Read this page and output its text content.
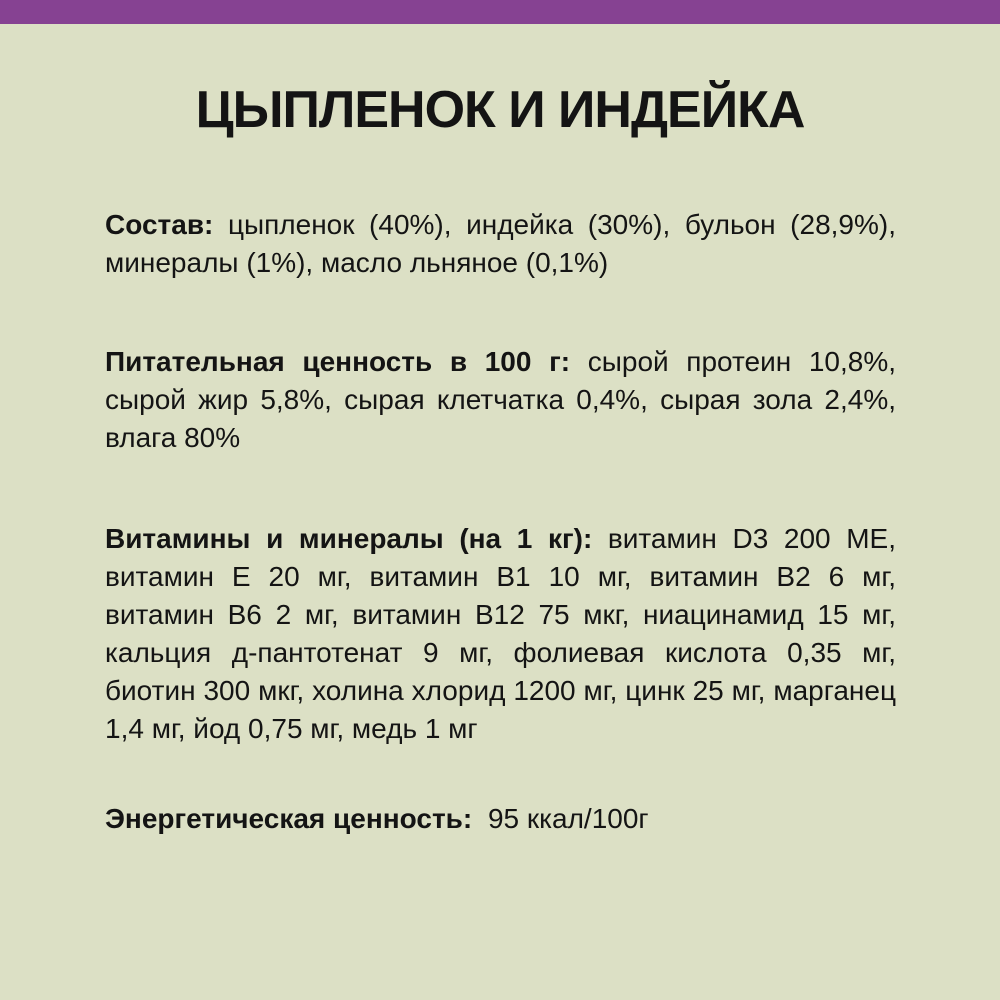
ЦЫПЛЕНОК И ИНДЕЙКА

Состав: цыпленок (40%), индейка (30%), бульон (28,9%), минералы (1%), масло льняное (0,1%)

Питательная ценность в 100 г: сырой протеин 10,8%, сырой жир 5,8%, сырая клетчатка 0,4%, сырая зола 2,4%, влага 80%

Витамины и минералы (на 1 кг): витамин D3 200 МЕ, витамин Е 20 мг, витамин В1 10 мг, витамин В2 6 мг, витамин В6 2 мг, витамин В12 75 мкг, ниацинамид 15 мг, кальция д-пантотенат 9 мг, фолиевая кислота 0,35 мг, биотин 300 мкг, холина хлорид 1200 мг, цинк 25 мг, марганец 1,4 мг, йод 0,75 мг, медь 1 мг

Энергетическая ценность: 95 ккал/100г
